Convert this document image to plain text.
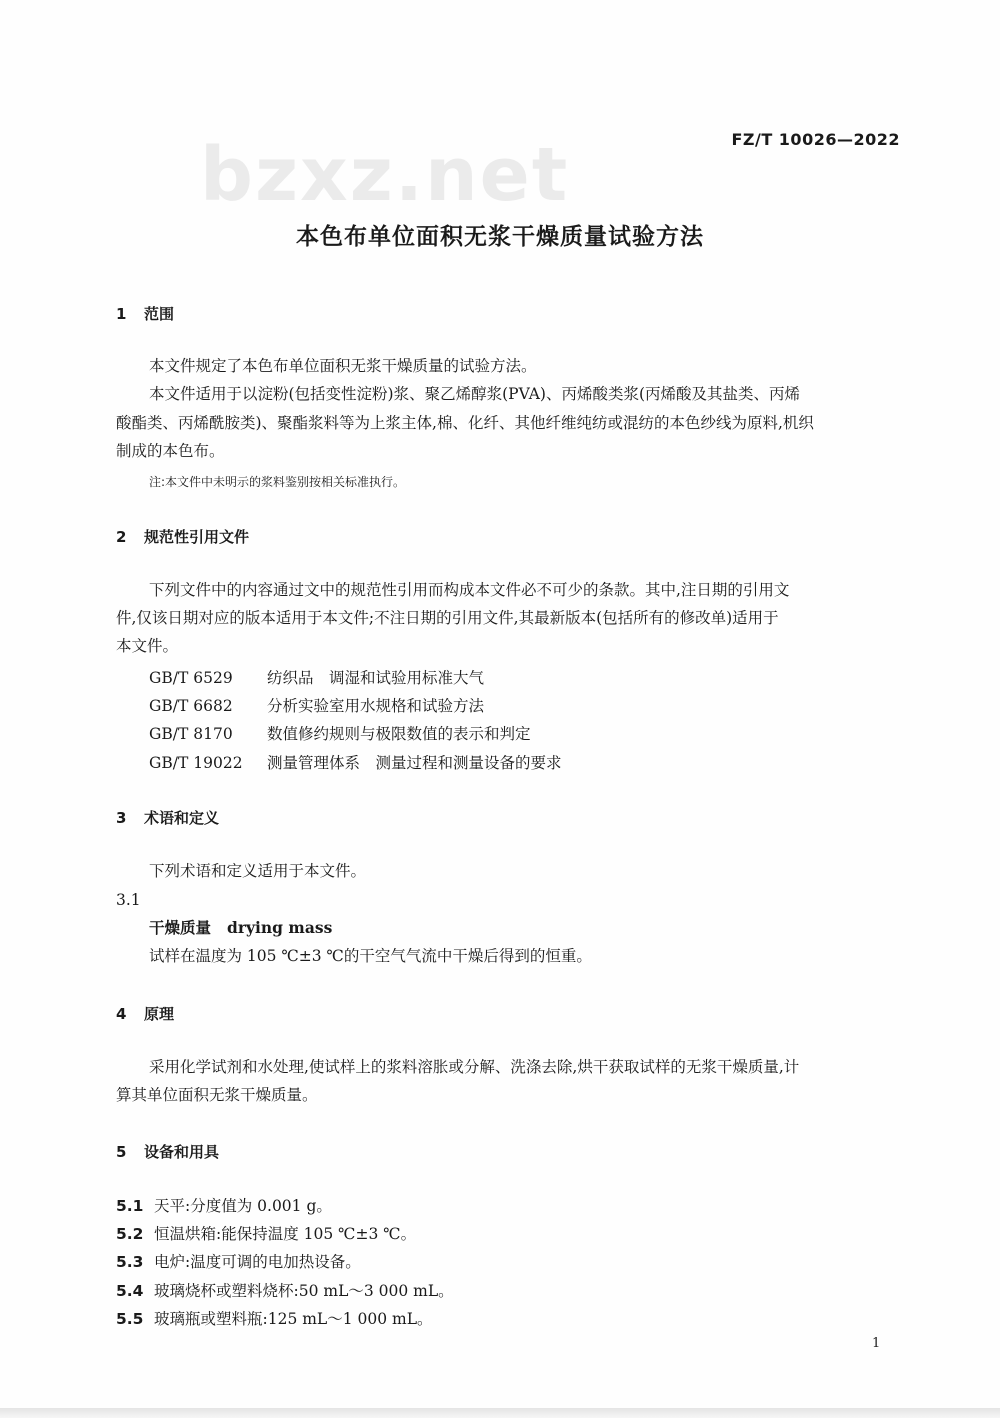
bzxz.net	FZ/T 10026—2022
本色布单位面积无浆干燥质量试验方法
1 范围
本文件规定了本色布单位面积无浆干燥质量的试验方法。
本文件适用于以淀粉(包括变性淀粉)浆、聚乙烯醇浆(PVA)、丙烯酸类浆(丙烯酸及其盐类、丙烯
酸酯类、丙烯酰胺类)、聚酯浆料等为上浆主体,棉、化纤、其他纤维纯纺或混纺的本色纱线为原料,机织
制成的本色布。
注:本文件中未明示的浆料鉴别按相关标准执行。
2 规范性引用文件
下列文件中的内容通过文中的规范性引用而构成本文件必不可少的条款。其中,注日期的引用文
件,仅该日期对应的版本适用于本文件;不注日期的引用文件,其最新版本(包括所有的修改单)适用于
本文件。
GB/T 6529 纺织品　调湿和试验用标准大气
GB/T 6682 分析实验室用水规格和试验方法
GB/T 8170 数值修约规则与极限数值的表示和判定
GB/T 19022 测量管理体系　测量过程和测量设备的要求
3 术语和定义
下列术语和定义适用于本文件。
3.1
干燥质量 drying mass
试样在温度为 105 ℃±3 ℃的干空气气流中干燥后得到的恒重。
4 原理
采用化学试剂和水处理,使试样上的浆料溶胀或分解、洗涤去除,烘干获取试样的无浆干燥质量,计
算其单位面积无浆干燥质量。
5 设备和用具
5.1 天平:分度值为 0.001 g。
5.2 恒温烘箱:能保持温度 105 ℃±3 ℃。
5.3 电炉:温度可调的电加热设备。
5.4 玻璃烧杯或塑料烧杯:50 mL～3 000 mL。
5.5 玻璃瓶或塑料瓶:125 mL～1 000 mL。
1
